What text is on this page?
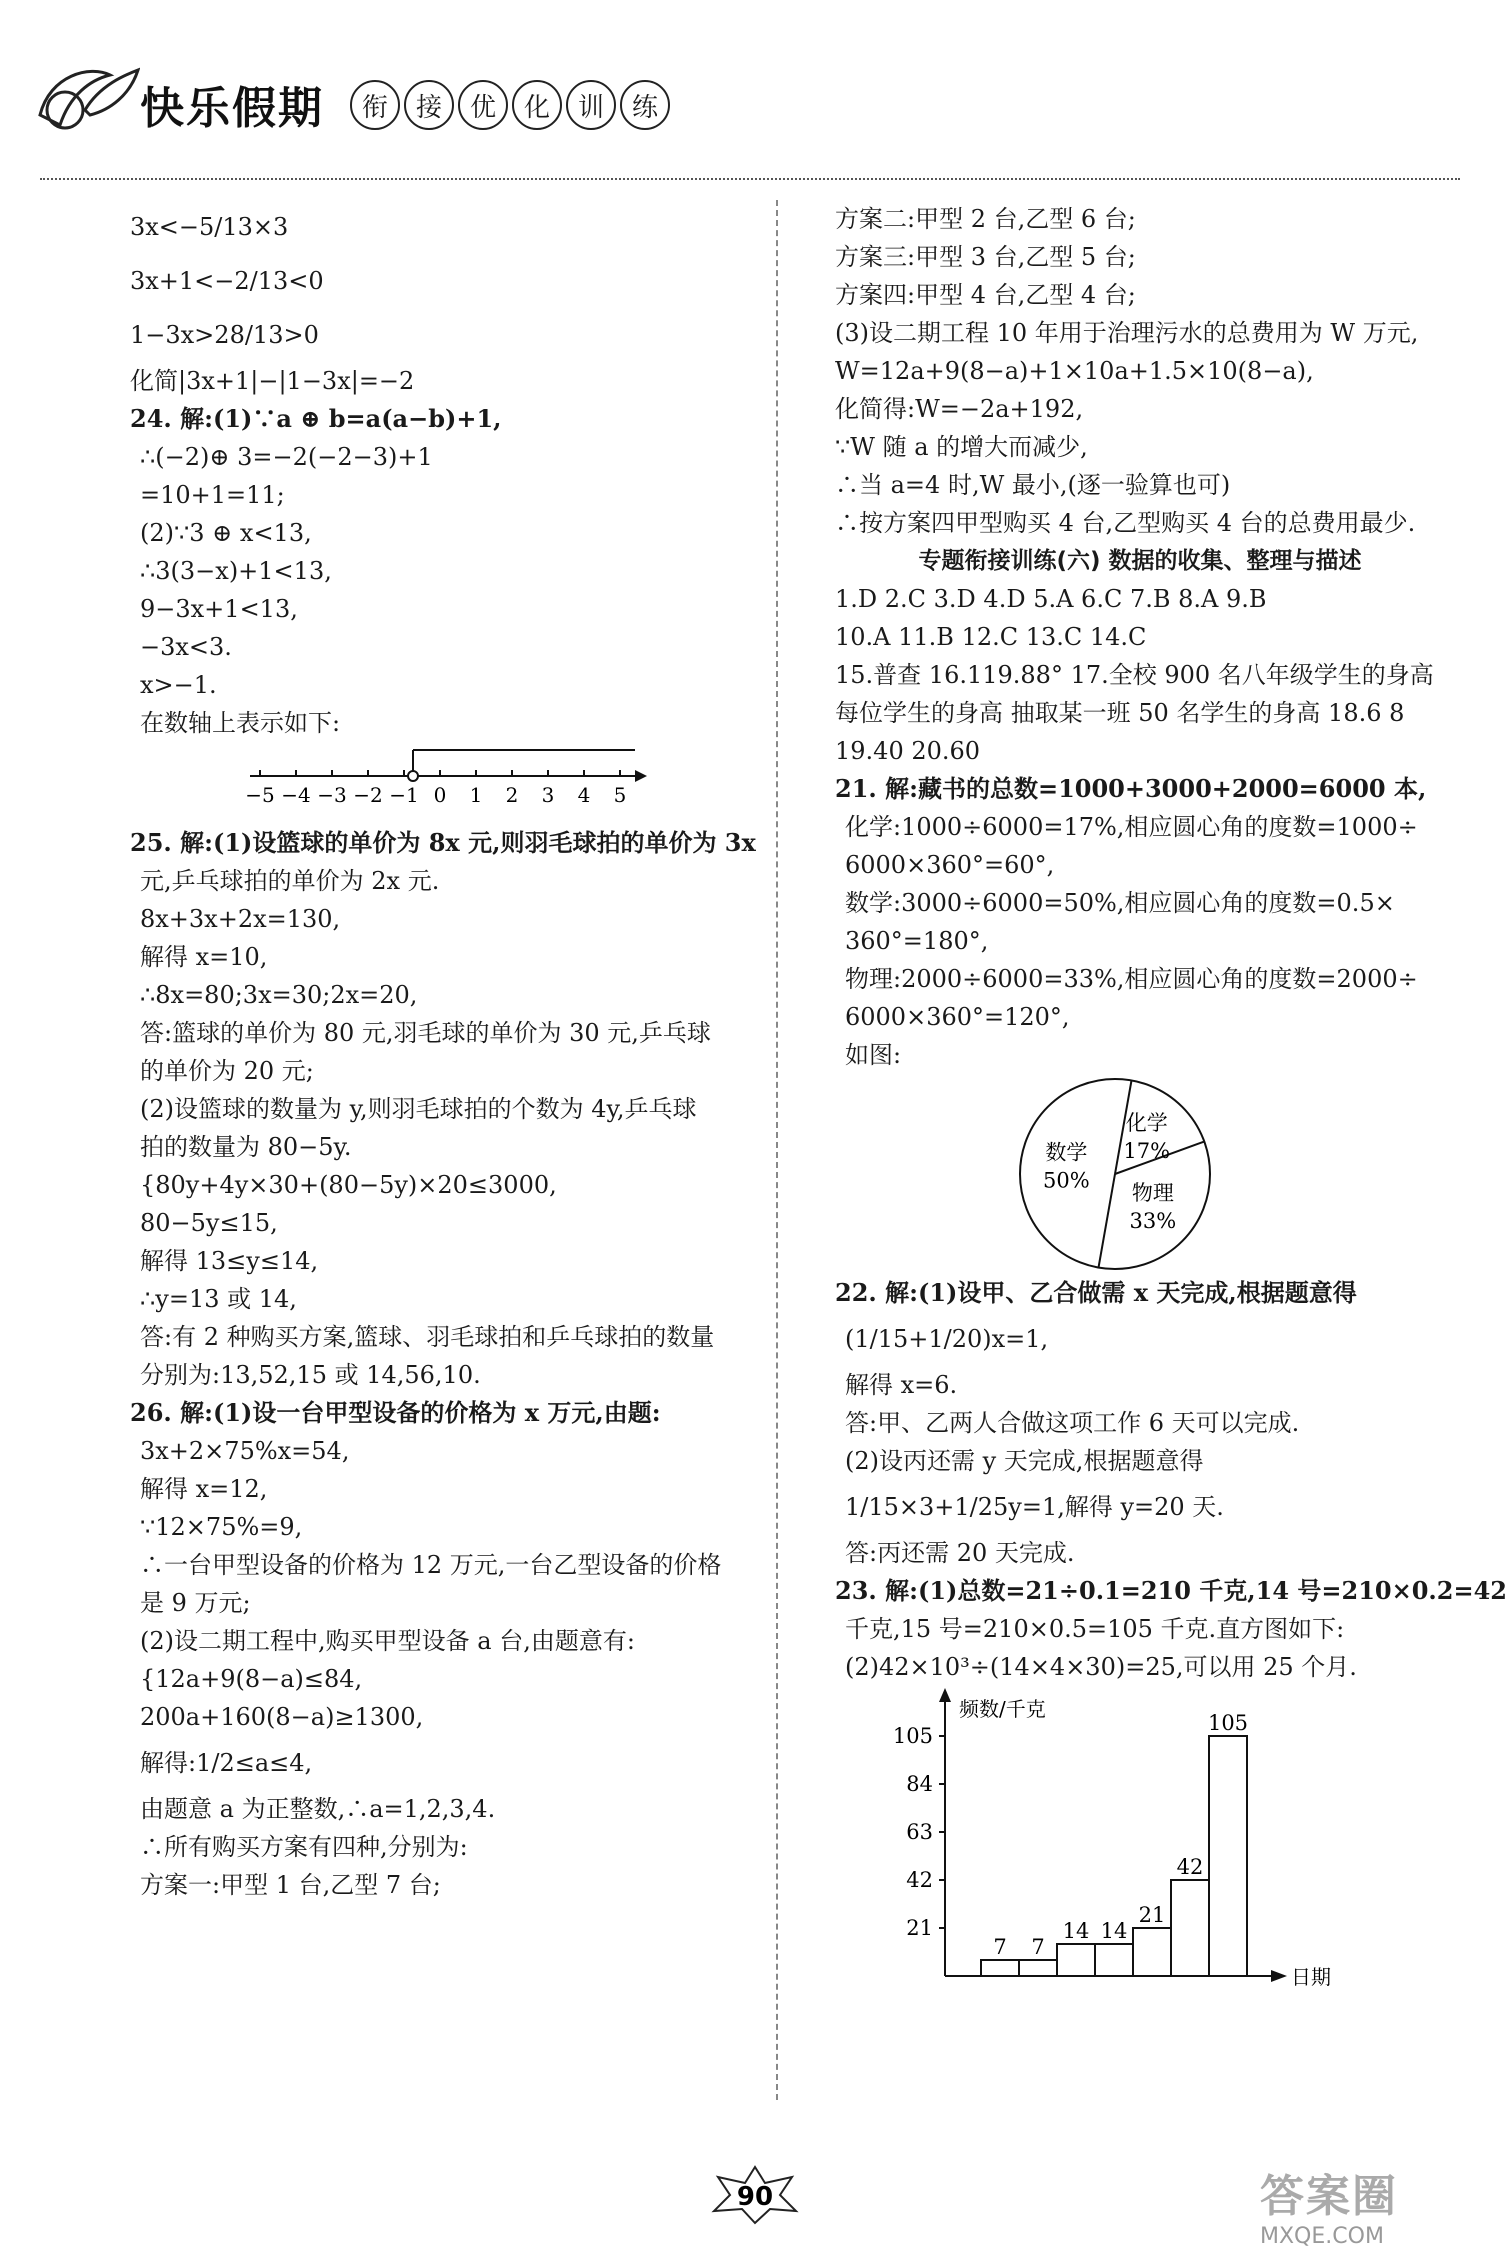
快乐假期	衔	接	优	化	训	练
3x<−5/13×3
3x+1<−2/13<0
1−3x>28/13>0
化简|3x+1|−|1−3x|=−2
24. 解:(1)∵a ⊕ b=a(a−b)+1,
∴(−2)⊕ 3=−2(−2−3)+1
=10+1=11;
(2)∵3 ⊕ x<13,
∴3(3−x)+1<13,
9−3x+1<13,
−3x<3.
x>−1.
在数轴上表示如下:
−5 −4 −3 −2 −1 0 1 2 3 4 5
25. 解:(1)设篮球的单价为 8x 元,则羽毛球拍的单价为 3x
元,乒乓球拍的单价为 2x 元.
8x+3x+2x=130,
解得 x=10,
∴8x=80;3x=30;2x=20,
答:篮球的单价为 80 元,羽毛球的单价为 30 元,乒乓球
的单价为 20 元;
(2)设篮球的数量为 y,则羽毛球拍的个数为 4y,乒乓球
拍的数量为 80−5y.
{80y+4y×30+(80−5y)×20≤3000,
80−5y≤15,
解得 13≤y≤14,
∴y=13 或 14,
答:有 2 种购买方案,篮球、羽毛球拍和乒乓球拍的数量
分别为:13,52,15 或 14,56,10.
26. 解:(1)设一台甲型设备的价格为 x 万元,由题:
3x+2×75%x=54,
解得 x=12,
∵12×75%=9,
∴一台甲型设备的价格为 12 万元,一台乙型设备的价格
是 9 万元;
(2)设二期工程中,购买甲型设备 a 台,由题意有:
{12a+9(8−a)≤84,
200a+160(8−a)≥1300,
解得:1/2≤a≤4,
由题意 a 为正整数,∴a=1,2,3,4.
∴所有购买方案有四种,分别为:
方案一:甲型 1 台,乙型 7 台;
方案二:甲型 2 台,乙型 6 台;
方案三:甲型 3 台,乙型 5 台;
方案四:甲型 4 台,乙型 4 台;
(3)设二期工程 10 年用于治理污水的总费用为 W 万元,
W=12a+9(8−a)+1×10a+1.5×10(8−a),
化简得:W=−2a+192,
∵W 随 a 的增大而减少,
∴当 a=4 时,W 最小,(逐一验算也可)
∴按方案四甲型购买 4 台,乙型购买 4 台的总费用最少.
专题衔接训练(六) 数据的收集、整理与描述
1.D 2.C 3.D 4.D 5.A 6.C 7.B 8.A 9.B
10.A 11.B 12.C 13.C 14.C
15.普查 16.119.88° 17.全校 900 名八年级学生的身高
每位学生的身高 抽取某一班 50 名学生的身高 18.6 8
19.40 20.60
21. 解:藏书的总数=1000+3000+2000=6000 本,
化学:1000÷6000=17%,相应圆心角的度数=1000÷
6000×360°=60°,
数学:3000÷6000=50%,相应圆心角的度数=0.5×
360°=180°,
物理:2000÷6000=33%,相应圆心角的度数=2000÷
6000×360°=120°,
如图:
化学
17%
物理
33%
数学
50%
22. 解:(1)设甲、乙合做需 x 天完成,根据题意得
(1/15+1/20)x=1,
解得 x=6.
答:甲、乙两人合做这项工作 6 天可以完成.
(2)设丙还需 y 天完成,根据题意得
1/15×3+1/25y=1,解得 y=20 天.
答:丙还需 20 天完成.
23. 解:(1)总数=21÷0.1=210 千克,14 号=210×0.2=42
千克,15 号=210×0.5=105 千克.直方图如下:
(2)42×10³÷(14×4×30)=25,可以用 25 个月.
频数/千克
日期
21
42
63
84
105
7 7
14 14
21
42
105
90	答案圈
MXQE.COM
